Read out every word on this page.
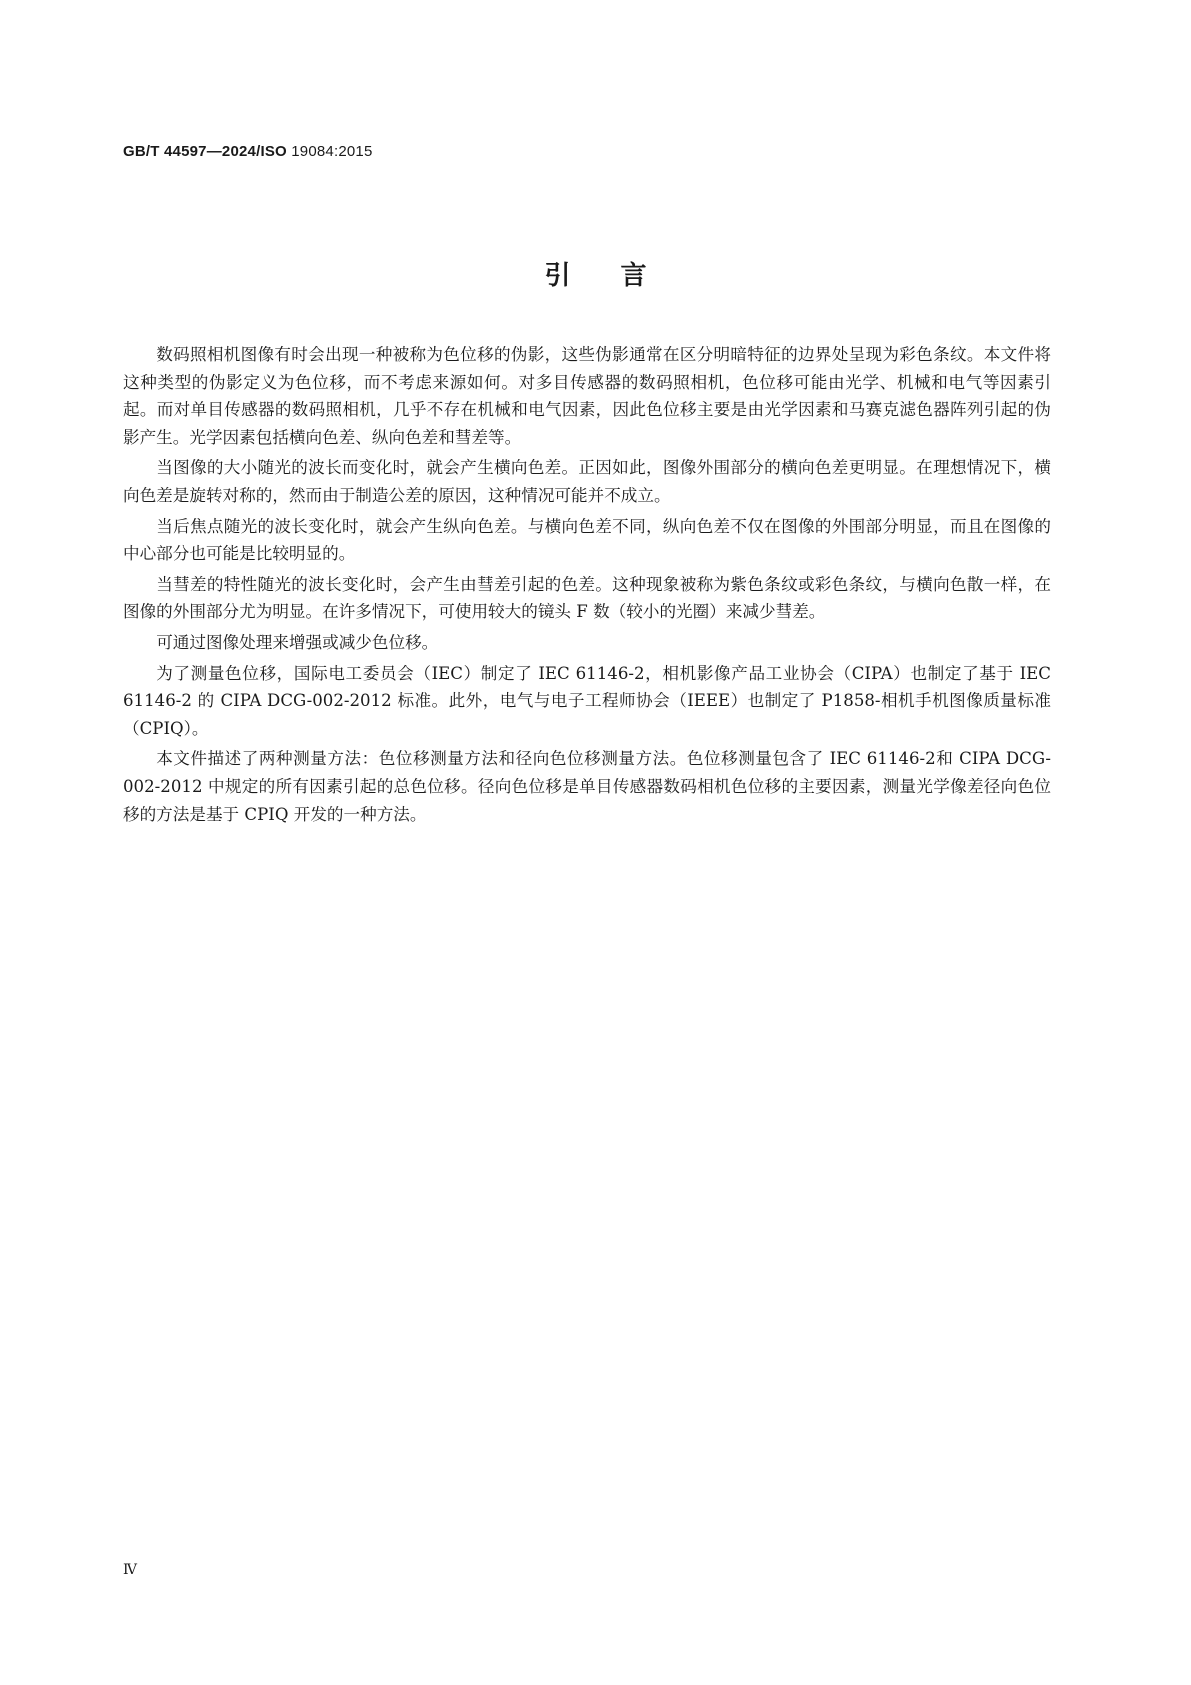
GB/T 44597—2024/ISO 19084:2015
引言

数码照相机图像有时会出现一种被称为色位移的伪影，这些伪影通常在区分明暗特征的边界处呈现为彩色条纹。本文件将这种类型的伪影定义为色位移，而不考虑来源如何。对多目传感器的数码照相机，色位移可能由光学、机械和电气等因素引起。而对单目传感器的数码照相机，几乎不存在机械和电气因素，因此色位移主要是由光学因素和马赛克滤色器阵列引起的伪影产生。光学因素包括横向色差、纵向色差和彗差等。

当图像的大小随光的波长而变化时，就会产生横向色差。正因如此，图像外围部分的横向色差更明显。在理想情况下，横向色差是旋转对称的，然而由于制造公差的原因，这种情况可能并不成立。

当后焦点随光的波长变化时，就会产生纵向色差。与横向色差不同，纵向色差不仅在图像的外围部分明显，而且在图像的中心部分也可能是比较明显的。

当彗差的特性随光的波长变化时，会产生由彗差引起的色差。这种现象被称为紫色条纹或彩色条纹，与横向色散一样，在图像的外围部分尤为明显。在许多情况下，可使用较大的镜头 F 数（较小的光圈）来减少彗差。

可通过图像处理来增强或减少色位移。

为了测量色位移，国际电工委员会（IEC）制定了 IEC 61146-2，相机影像产品工业协会（CIPA）也制定了基于 IEC 61146-2 的 CIPA DCG-002-2012 标准。此外，电气与电子工程师协会（IEEE）也制定了 P1858-相机手机图像质量标准（CPIQ）。

本文件描述了两种测量方法：色位移测量方法和径向色位移测量方法。色位移测量包含了 IEC 61146-2和 CIPA DCG-002-2012 中规定的所有因素引起的总色位移。径向色位移是单目传感器数码相机色位移的主要因素，测量光学像差径向色位移的方法是基于 CPIQ 开发的一种方法。

Ⅳ
